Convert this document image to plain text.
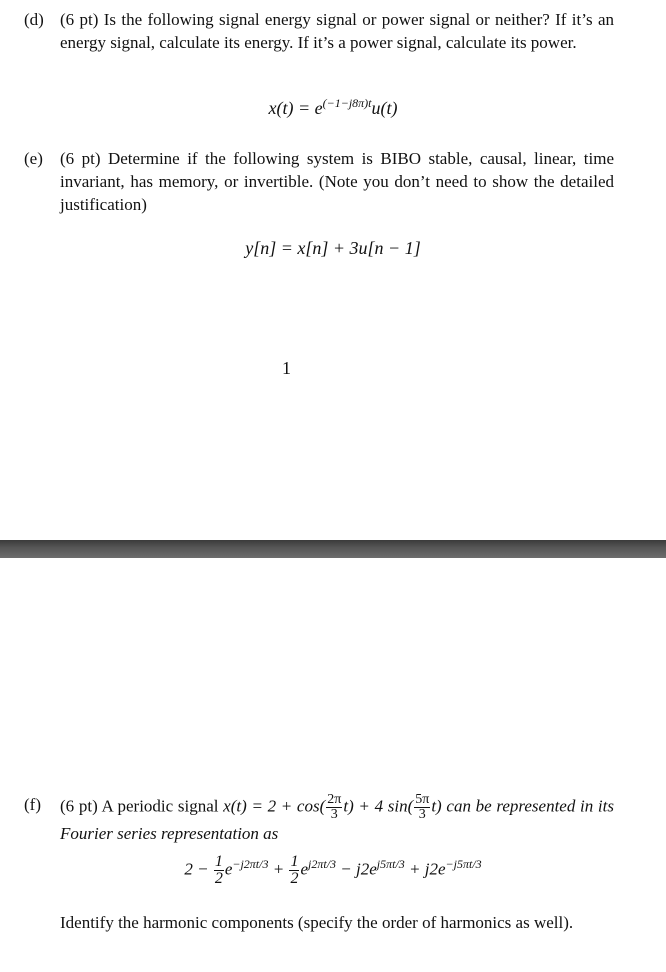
(d) (6 pt) Is the following signal energy signal or power signal or neither? If it’s an energy signal, calculate its energy. If it’s a power signal, calculate its power.
$x(t) = e^{(-1-j8\pi)t}u(t)$
(e) (6 pt) Determine if the following system is BIBO stable, causal, linear, time invariant, has memory, or invertible. (Note you don’t need to show the detailed justification)
y[n] = x[n] + 3u[n − 1]
1
(f) (6 pt) A periodic signal $x(t) = 2 + \cos( \frac{2\pi}{3} t) + 4$ $\sin( \frac{5\pi}{3} t)$ can be represented in its Fourier series representation as
$2 - \frac{1}{2} e^{-j2\pi t/3} + \frac{1}{2} e^{j2\pi t/3} - j2e^{j5\pi t/3} + j2e^{-j5\pi t/3}$
Identify the harmonic components (specify the order of harmonics as well).
